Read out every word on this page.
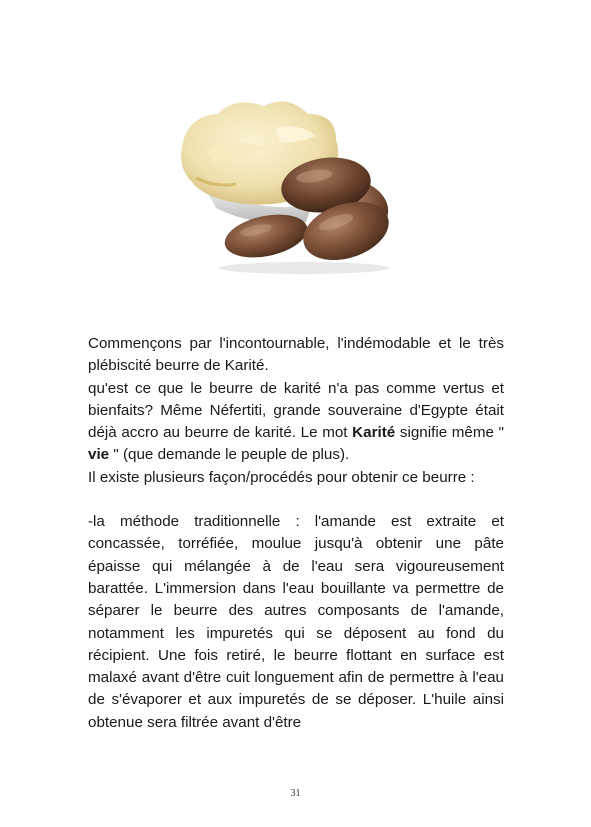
Commençons par l'incontournable, l'indémodable et le très plébiscité beurre de Karité.

qu'est ce que le beurre de karité n'a pas comme vertus et bienfaits? Même Néfertiti, grande souveraine d'Egypte était déjà accro au beurre de karité. Le mot Karité signifie même " vie " (que demande le peuple de plus).

Il existe plusieurs façon/procédés pour obtenir ce beurre :

-la méthode traditionnelle : l'amande est extraite et concassée, torréfiée, moulue jusqu'à obtenir une pâte épaisse qui mélangée à de l'eau sera vigoureusement barattée. L'immersion dans l'eau bouillante va permettre de séparer le beurre des autres composants de l'amande, notamment les impuretés qui se déposent au fond du récipient. Une fois retiré, le beurre flottant en surface est malaxé avant d'être cuit longuement afin de permettre à l'eau de s'évaporer et aux impuretés de se déposer. L'huile ainsi obtenue sera filtrée avant d'être

31
